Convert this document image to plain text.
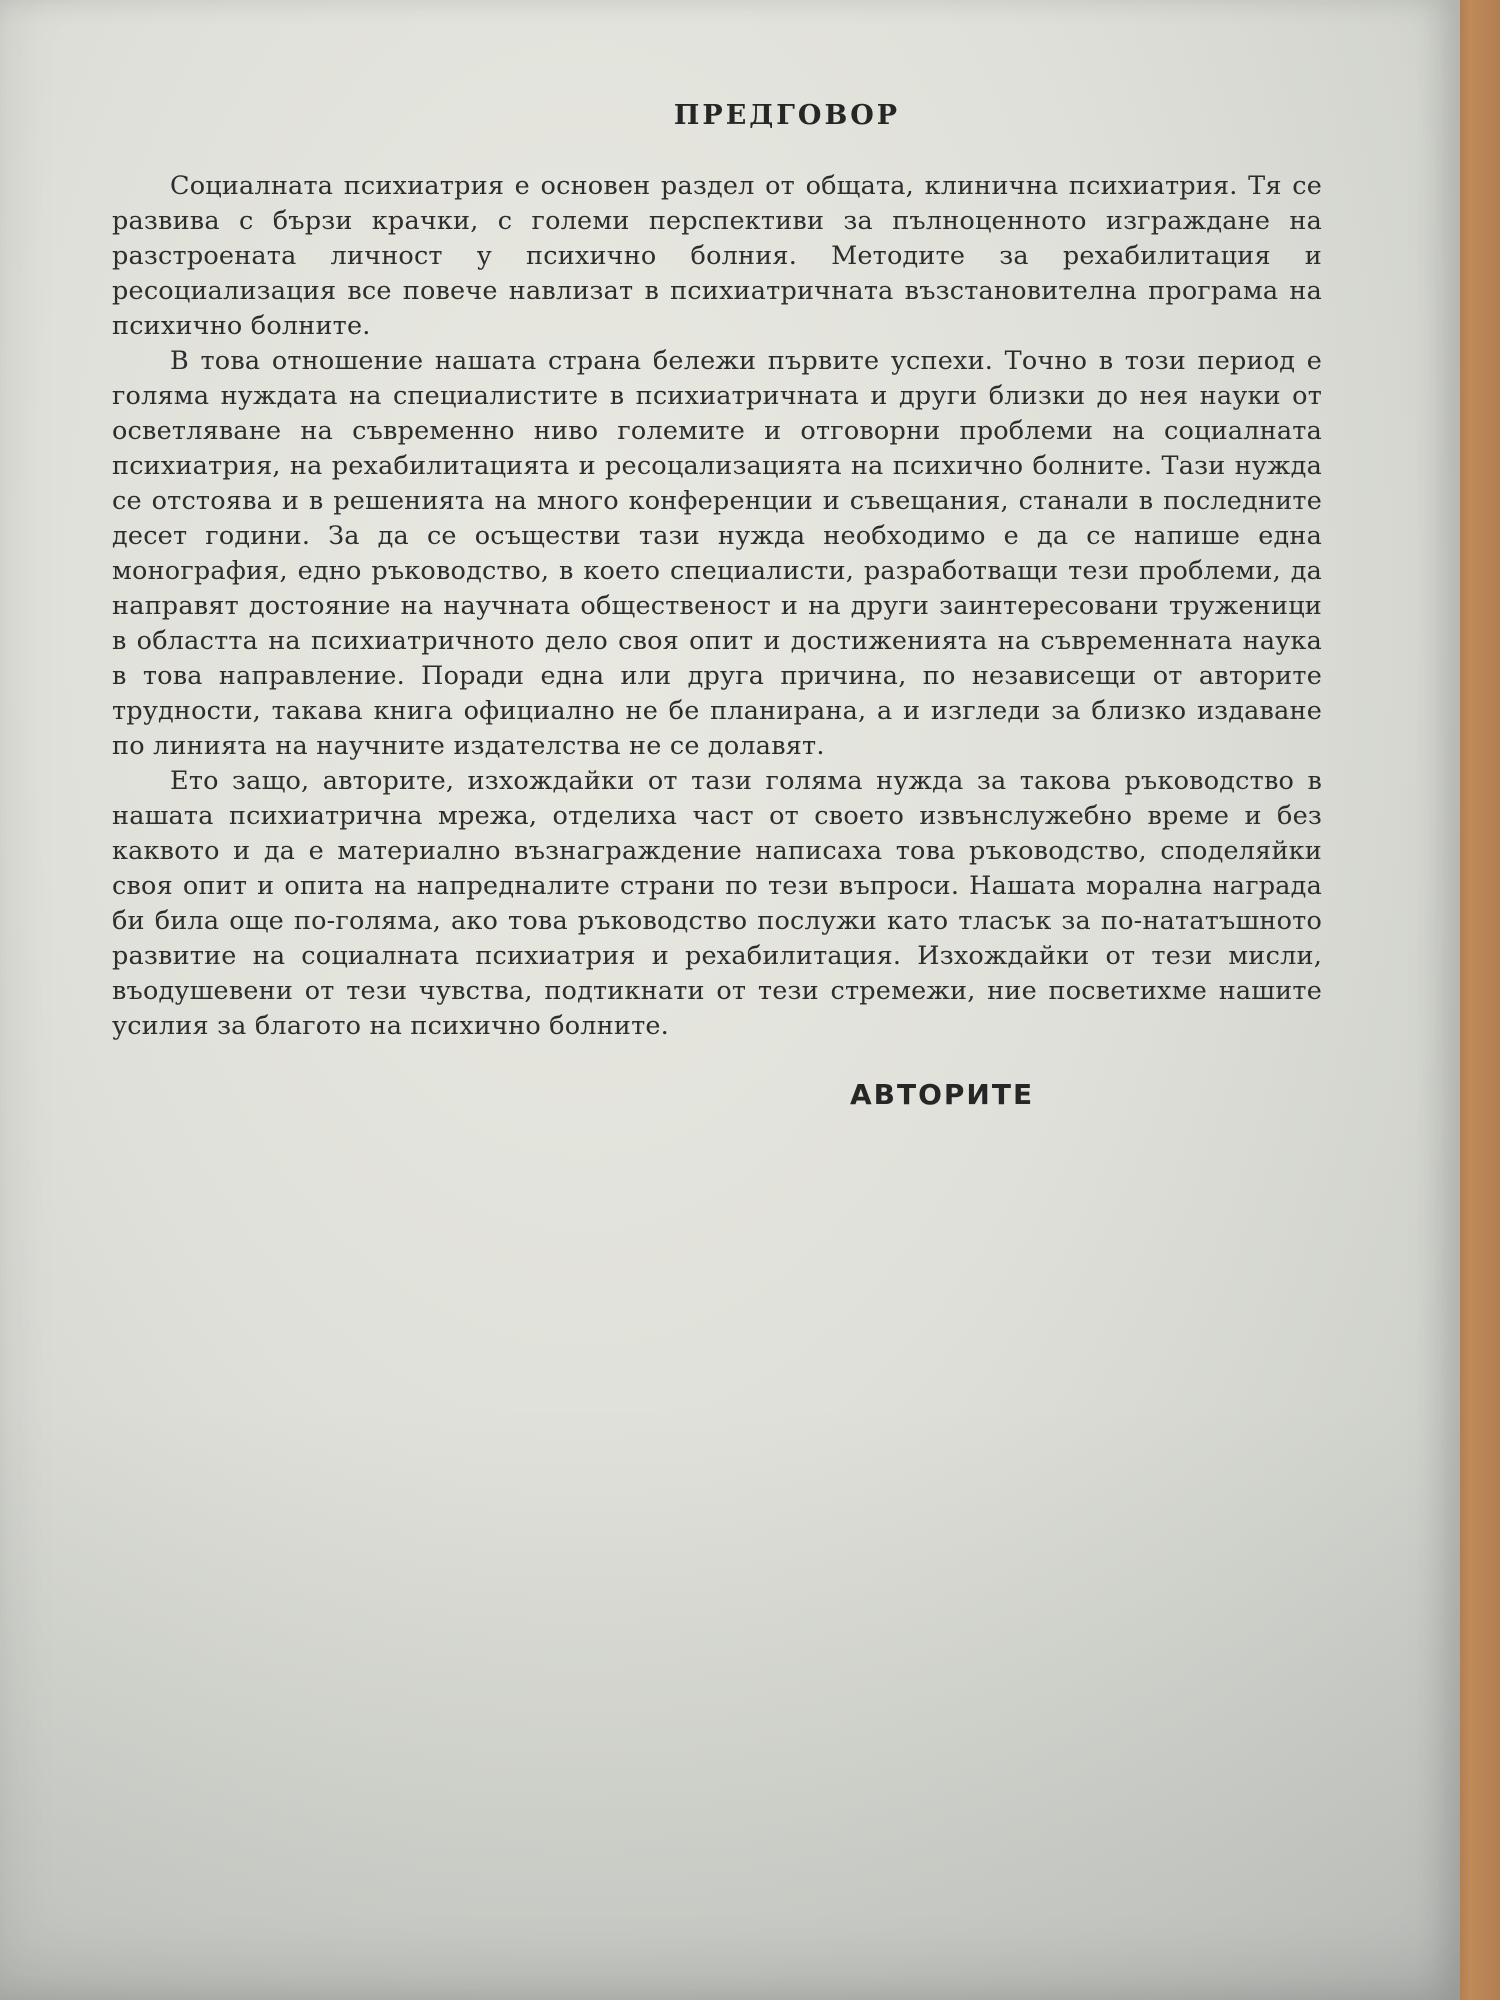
ПРЕДГОВОР

Социалната психиатрия е основен раздел от общата, клинична психиатрия. Тя се развива с бързи крачки, с големи перспективи за пълноценното изграждане на разстроената личност у психично болния. Методите за рехабилитация и ресоциализация все повече навлизат в психиатричната възстановителна програма на психично болните.

В това отношение нашата страна бележи първите успехи. Точно в този период е голяма нуждата на специалистите в психиатричната и други близки до нея науки от осветляване на съвременно ниво големите и отговорни проблеми на социалната психиатрия, на рехабилитацията и ресоцализацията на психично болните. Тази нужда се отстоява и в решенията на много конференции и съвещания, станали в последните десет години. За да се осъществи тази нужда необходимо е да се напише една монография, едно ръководство, в което специалисти, разработващи тези проблеми, да направят достояние на научната общественост и на други заинтересовани труженици в областта на психиатричното дело своя опит и достиженията на съвременната наука в това направление. Поради една или друга причина, по независещи от авторите трудности, такава книга официално не бе планирана, а и изгледи за близко издаване по линията на научните издателства не се долавят.

Ето защо, авторите, изхождайки от тази голяма нужда за такова ръководство в нашата психиатрична мрежа, отделиха част от своето извънслужебно време и без каквото и да е материално възнаграждение написаха това ръководство, споделяйки своя опит и опита на напредналите страни по тези въпроси. Нашата морална награда би била още по-голяма, ако това ръководство послужи като тласък за по-нататъшното развитие на социалната психиатрия и рехабилитация. Изхождайки от тези мисли, въодушевени от тези чувства, подтикнати от тези стремежи, ние посветихме нашите усилия за благото на психично болните.

АВТОРИТЕ
